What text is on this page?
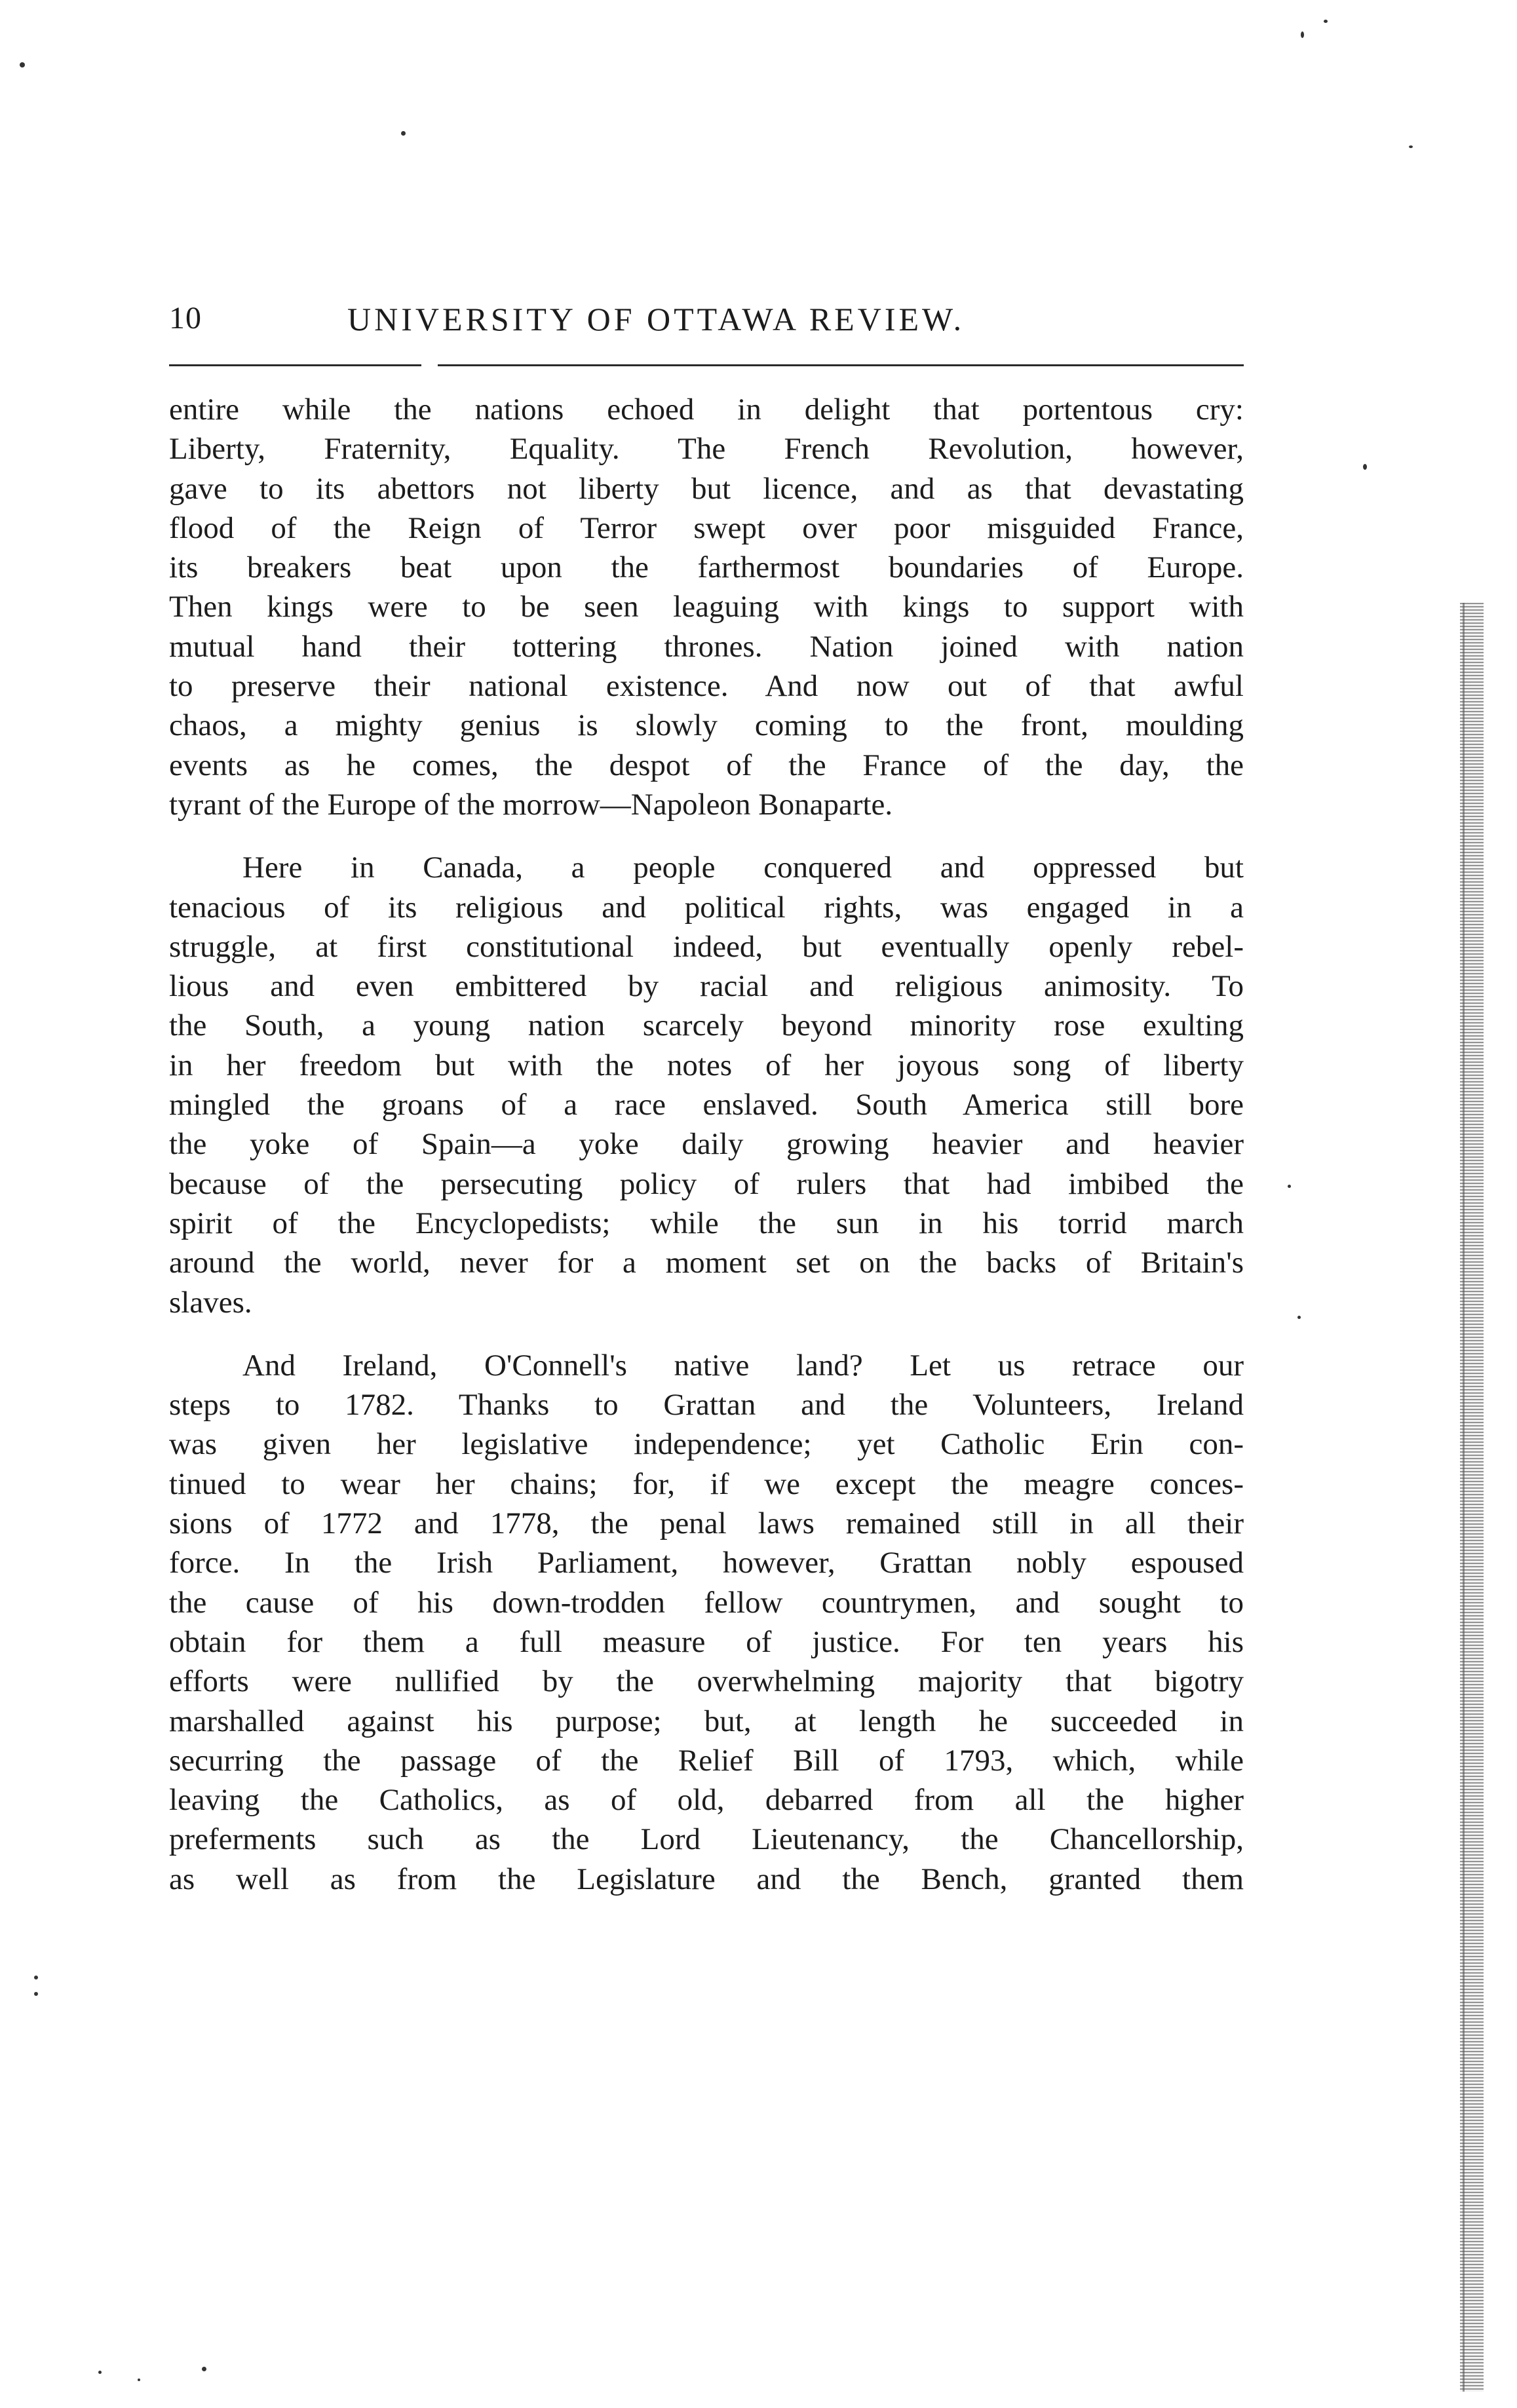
10	UNIVERSITY OF OTTAWA REVIEW.
entire while the nations echoed in delight that portentous cry:
Liberty, Fraternity, Equality. The French Revolution, however,
gave to its abettors not liberty but licence, and as that devastating
flood of the Reign of Terror swept over poor misguided France,
its breakers beat upon the farthermost boundaries of Europe.
Then kings were to be seen leaguing with kings to support with
mutual hand their tottering thrones. Nation joined with nation
to preserve their national existence. And now out of that awful
chaos, a mighty genius is slowly coming to the front, moulding
events as he comes, the despot of the France of the day, the
tyrant of the Europe of the morrow—Napoleon Bonaparte.
Here in Canada, a people conquered and oppressed but
tenacious of its religious and political rights, was engaged in a
struggle, at first constitutional indeed, but eventually openly rebel-
lious and even embittered by racial and religious animosity. To
the South, a young nation scarcely beyond minority rose exulting
in her freedom but with the notes of her joyous song of liberty
mingled the groans of a race enslaved. South America still bore
the yoke of Spain—a yoke daily growing heavier and heavier
because of the persecuting policy of rulers that had imbibed the
spirit of the Encyclopedists; while the sun in his torrid march
around the world, never for a moment set on the backs of Britain's
slaves.
And Ireland, O'Connell's native land? Let us retrace our
steps to 1782. Thanks to Grattan and the Volunteers, Ireland
was given her legislative independence; yet Catholic Erin con-
tinued to wear her chains; for, if we except the meagre conces-
sions of 1772 and 1778, the penal laws remained still in all their
force. In the Irish Parliament, however, Grattan nobly espoused
the cause of his down-trodden fellow countrymen, and sought to
obtain for them a full measure of justice. For ten years his
efforts were nullified by the overwhelming majority that bigotry
marshalled against his purpose; but, at length he succeeded in
securring the passage of the Relief Bill of 1793, which, while
leaving the Catholics, as of old, debarred from all the higher
preferments such as the Lord Lieutenancy, the Chancellorship,
as well as from the Legislature and the Bench, granted them
